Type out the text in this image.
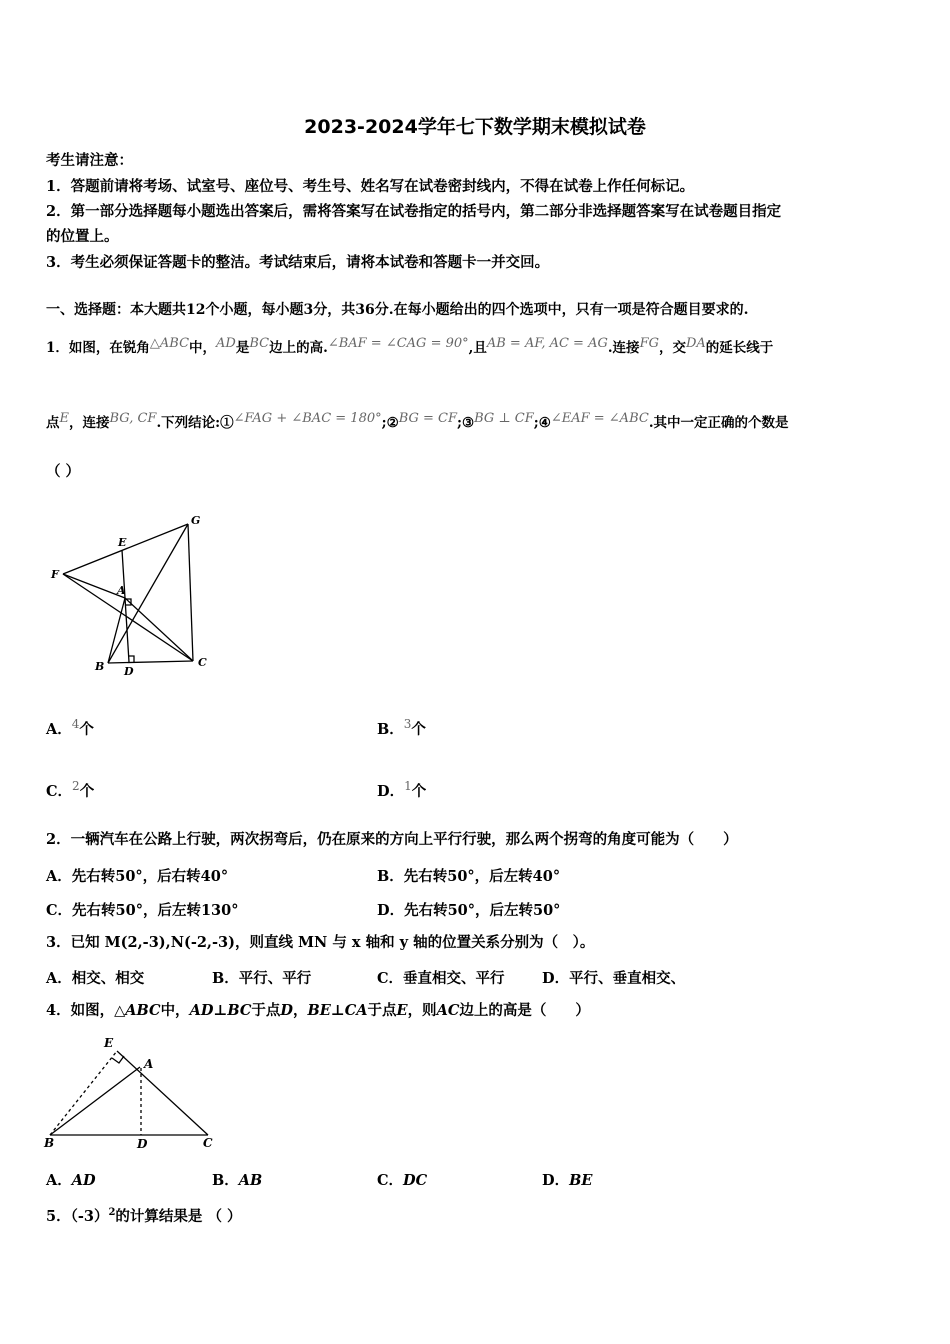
2023-2024学年七下数学期末模拟试卷
考生请注意：
1．答题前请将考场、试室号、座位号、考生号、姓名写在试卷密封线内，不得在试卷上作任何标记。
2．第一部分选择题每小题选出答案后，需将答案写在试卷指定的括号内，第二部分非选择题答案写在试卷题目指定
的位置上。
3．考生必须保证答题卡的整洁。考试结束后，请将本试卷和答题卡一并交回。
一、选择题：本大题共12个小题，每小题3分，共36分.在每小题给出的四个选项中，只有一项是符合题目要求的.
1．如图，在锐角△ABC中，AD是BC边上的高.∠BAF = ∠CAG = 90°,且AB = AF, AC = AG.连接FG，交DA的延长线于
点E，连接BG, CF.下列结论:①∠FAG + ∠BAC = 180°;②BG = CF;③BG ⊥ CF;④∠EAF = ∠ABC.其中一定正确的个数是
（ ）
G
E
F
A
B D
C
A．$^4$个	B．$^3$个
C．$^2$个	D．$^1$个
2．一辆汽车在公路上行驶，两次拐弯后，仍在原来的方向上平行行驶，那么两个拐弯的角度可能为（　　）
A．先右转50°，后右转40°	B．先右转50°，后左转40°
C．先右转50°，后左转130°	D．先右转50°，后左转50°
3．已知 M(2,-3),N(-2,-3)，则直线 MN 与 x 轴和 y 轴的位置关系分别为（　）。
A．相交、相交	B．平行、平行	C．垂直相交、平行	D．平行、垂直相交、
4．如图，△ABC中，AD⊥BC于点D，BE⊥CA于点E，则AC边上的高是（　　）
E
A
B	D	C
A．AD	B．AB	C．DC	D．BE
5．$(-3)^2$的计算结果是 （ ）
